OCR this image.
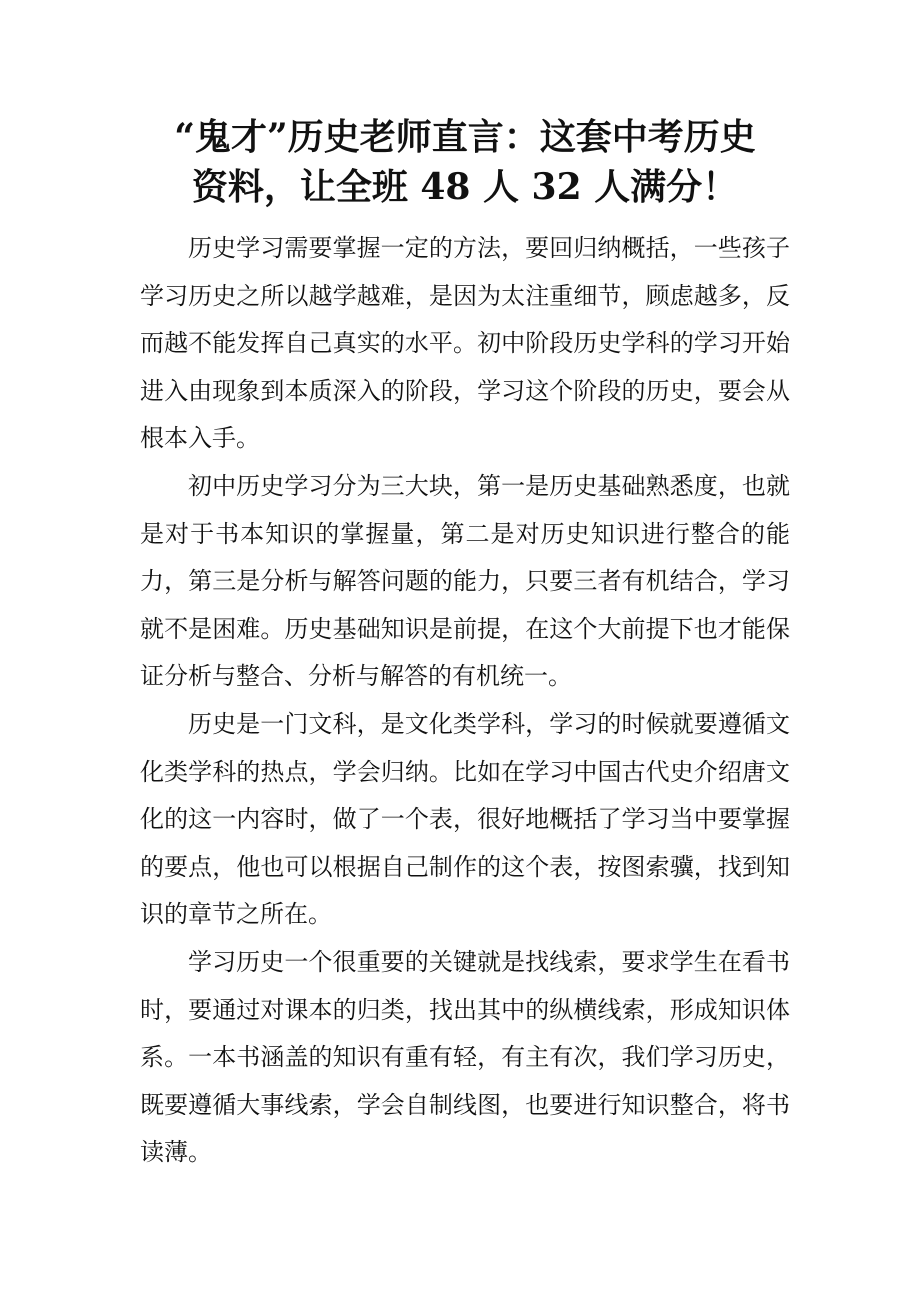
“鬼才”历史老师直言：这套中考历史
资料，让全班 48 人 32 人满分！

历史学习需要掌握一定的方法，要回归纳概括，一些孩子学习历史之所以越学越难，是因为太注重细节，顾虑越多，反而越不能发挥自己真实的水平。初中阶段历史学科的学习开始进入由现象到本质深入的阶段，学习这个阶段的历史，要会从根本入手。

初中历史学习分为三大块，第一是历史基础熟悉度，也就是对于书本知识的掌握量，第二是对历史知识进行整合的能力，第三是分析与解答问题的能力，只要三者有机结合，学习就不是困难。历史基础知识是前提，在这个大前提下也才能保证分析与整合、分析与解答的有机统一。

历史是一门文科，是文化类学科，学习的时候就要遵循文化类学科的热点，学会归纳。比如在学习中国古代史介绍唐文化的这一内容时，做了一个表，很好地概括了学习当中要掌握的要点，他也可以根据自己制作的这个表，按图索骥，找到知识的章节之所在。

学习历史一个很重要的关键就是找线索，要求学生在看书时，要通过对课本的归类，找出其中的纵横线索，形成知识体系。一本书涵盖的知识有重有轻，有主有次，我们学习历史，既要遵循大事线索，学会自制线图，也要进行知识整合，将书读薄。
